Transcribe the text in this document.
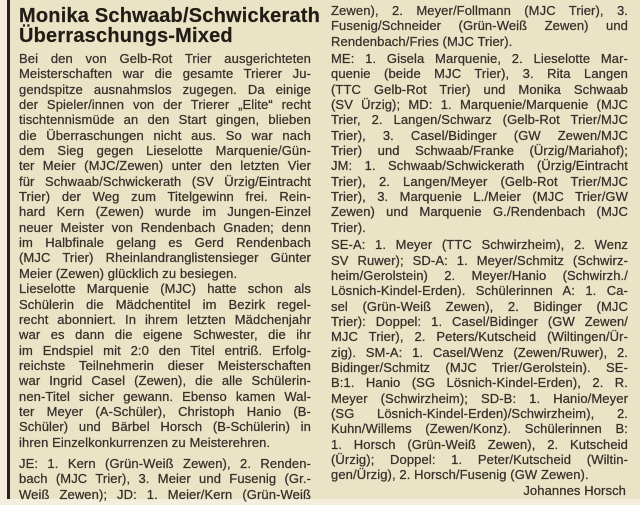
Monika Schwaab/Schwickerath
Überraschungs-Mixed
Bei den von Gelb-Rot Trier ausgerichteten
Meisterschaften war die gesamte Trierer Ju-
gendspitze ausnahmslos zugegen. Da einige
der Spieler/innen von der Trierer „Elite“ recht
tischtennismüde an den Start gingen, blieben
die Überraschungen nicht aus. So war nach
dem Sieg gegen Lieselotte Marquenie/Gün-
ter Meier (MJC/Zewen) unter den letzten Vier
für Schwaab/Schwickerath (SV Ürzig/Eintracht
Trier) der Weg zum Titelgewinn frei. Rein-
hard Kern (Zewen) wurde im Jungen-Einzel
neuer Meister von Rendenbach Gnaden; denn
im Halbfinale gelang es Gerd Rendenbach
(MJC Trier) Rheinlandranglistensieger Günter
Meier (Zewen) glücklich zu besiegen.
Lieselotte Marquenie (MJC) hatte schon als
Schülerin die Mädchentitel im Bezirk regel-
recht abonniert. In ihrem letzten Mädchenjahr
war es dann die eigene Schwester, die ihr
im Endspiel mit 2:0 den Titel entriß. Erfolg-
reichste Teilnehmerin dieser Meisterschaften
war Ingrid Casel (Zewen), die alle Schülerin-
nen-Titel sicher gewann. Ebenso kamen Wal-
ter Meyer (A-Schüler), Christoph Hanio (B-
Schüler) und Bärbel Horsch (B-Schülerin) in
ihren Einzelkonkurrenzen zu Meisterehren.
JE: 1. Kern (Grün-Weiß Zewen), 2. Renden-
bach (MJC Trier), 3. Meier und Fusenig (Gr.-
Weiß Zewen); JD: 1. Meier/Kern (Grün-Weiß
Zewen), 2. Meyer/Follmann (MJC Trier), 3.
Fusenig/Schneider (Grün-Weiß Zewen) und
Rendenbach/Fries (MJC Trier).
ME: 1. Gisela Marquenie, 2. Lieselotte Mar-
quenie (beide MJC Trier), 3. Rita Langen
(TTC Gelb-Rot Trier) und Monika Schwaab
(SV Ürzig); MD: 1. Marquenie/Marquenie (MJC
Trier, 2. Langen/Schwarz (Gelb-Rot Trier/MJC
Trier), 3. Casel/Bidinger (GW Zewen/MJC
Trier) und Schwaab/Franke (Ürzig/Mariahof);
JM: 1. Schwaab/Schwickerath (Ürzig/Eintracht
Trier), 2. Langen/Meyer (Gelb-Rot Trier/MJC
Trier), 3. Marquenie L./Meier (MJC Trier/GW
Zewen) und Marquenie G./Rendenbach (MJC
Trier).
SE-A: 1. Meyer (TTC Schwirzheim), 2. Wenz
SV Ruwer); SD-A: 1. Meyer/Schmitz (Schwirz-
heim/Gerolstein) 2. Meyer/Hanio (Schwirzh./
Lösnich-Kindel-Erden). Schülerinnen A: 1. Ca-
sel (Grün-Weiß Zewen), 2. Bidinger (MJC
Trier): Doppel: 1. Casel/Bidinger (GW Zewen/
MJC Trier), 2. Peters/Kutscheid (Wiltingen/Ür-
zig). SM-A: 1. Casel/Wenz (Zewen/Ruwer), 2.
Bidinger/Schmitz (MJC Trier/Gerolstein). SE-
B:1. Hanio (SG Lösnich-Kindel-Erden), 2. R.
Meyer (Schwirzheim); SD-B: 1. Hanio/Meyer
(SG Lösnich-Kindel-Erden)/Schwirzheim), 2.
Kuhn/Willems (Zewen/Konz). Schülerinnen B:
1. Horsch (Grün-Weiß Zewen), 2. Kutscheid
(Ürzig); Doppel: 1. Peter/Kutscheid (Wiltin-
gen/Ürzig), 2. Horsch/Fusenig (GW Zewen).
Johannes Horsch
